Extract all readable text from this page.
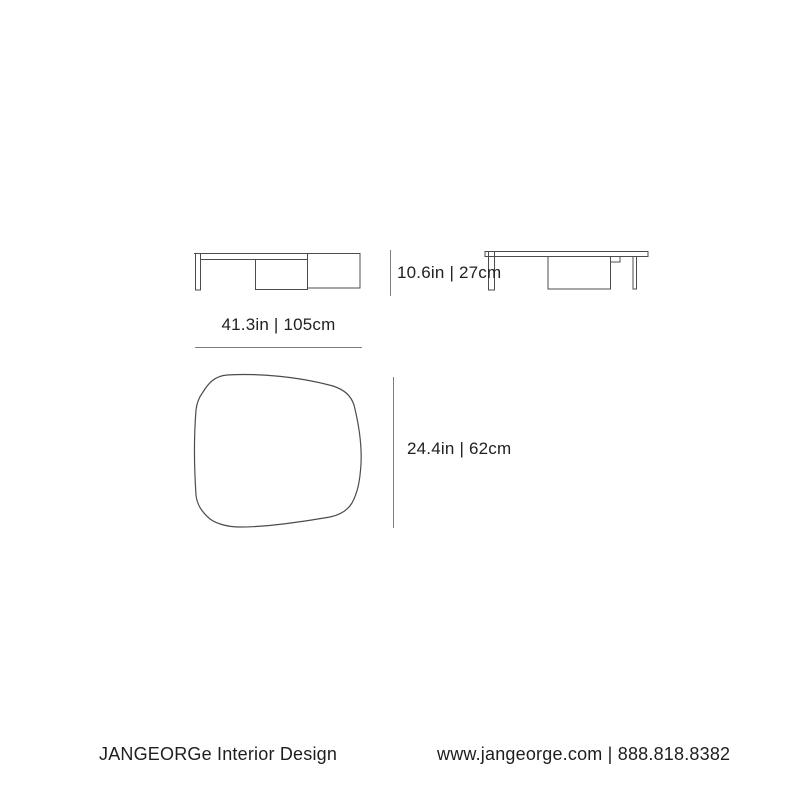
10.6in | 27cm
41.3in | 105cm
24.4in | 62cm
JANGEORGe Interior Design	www.jangeorge.com | 888.818.8382
